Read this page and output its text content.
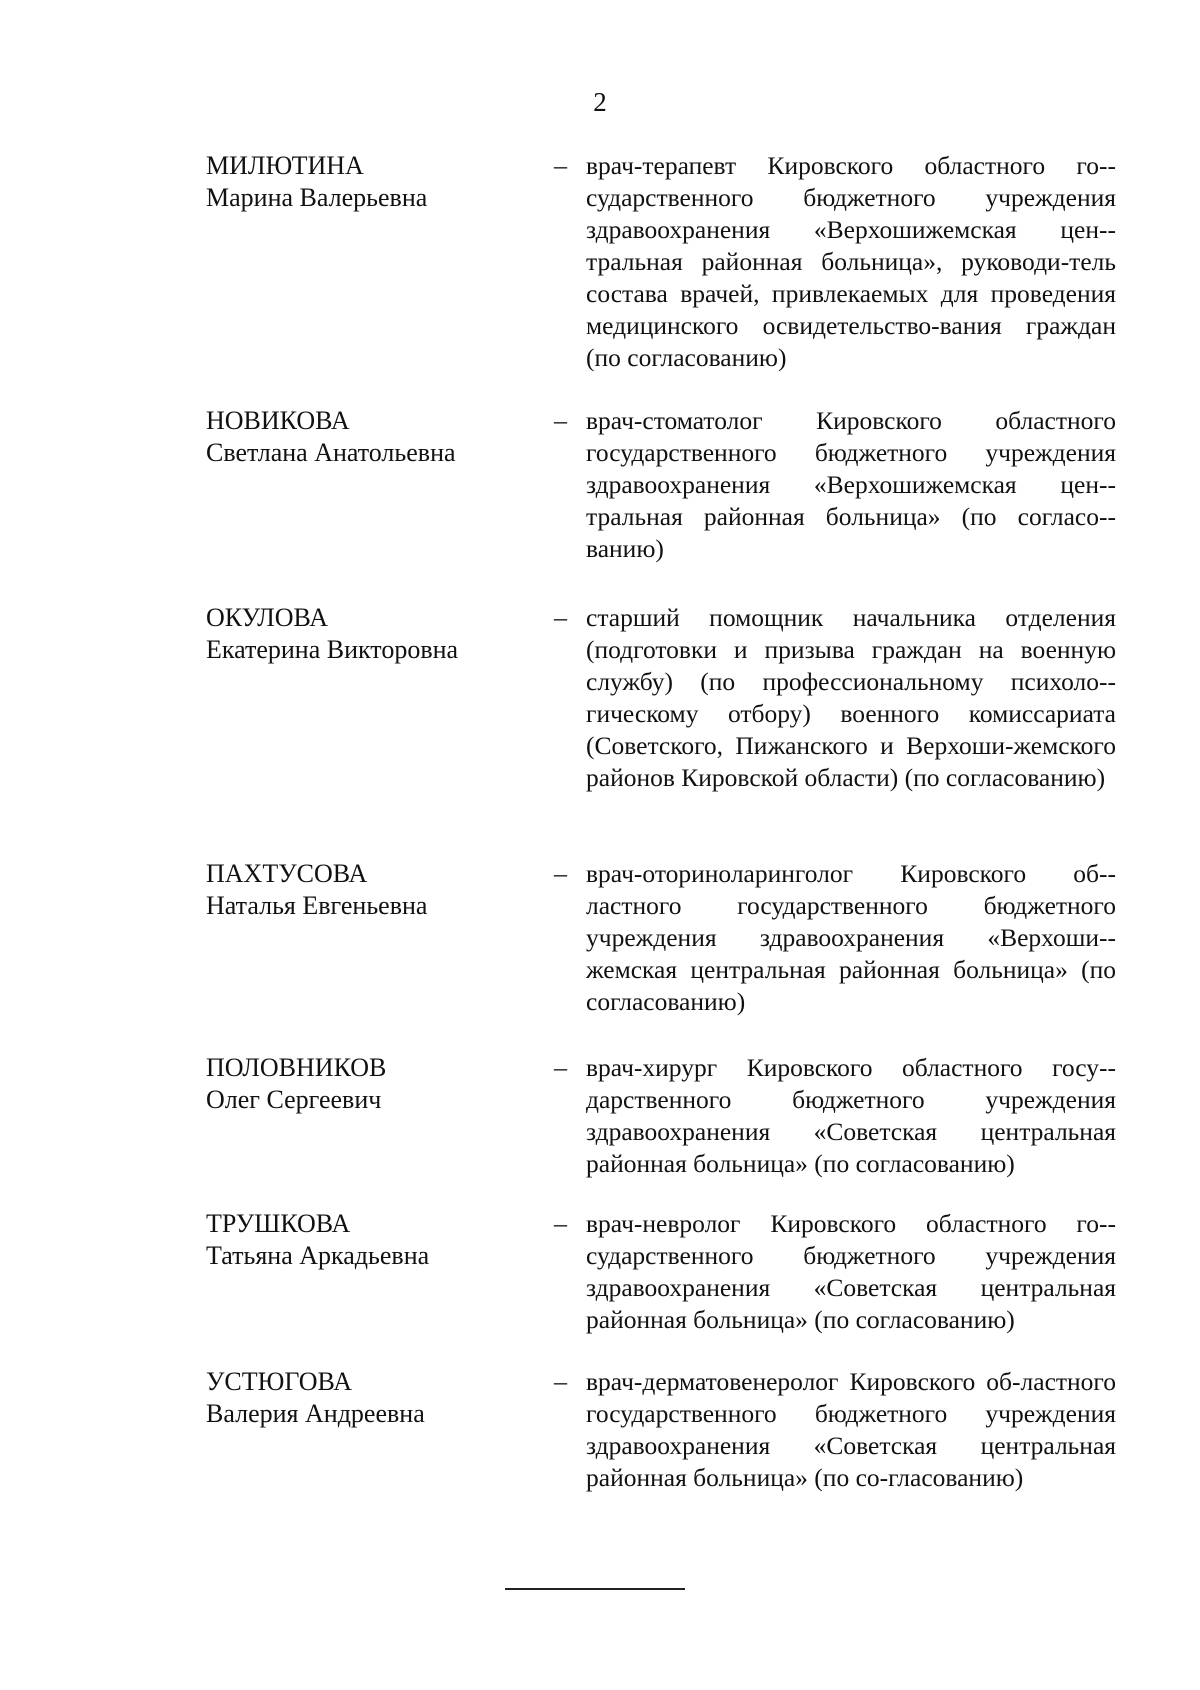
2
МИЛЮТИНА
Марина Валерьевна
– врач-терапевт Кировского областного го-сударственного бюджетного учреждения здравоохранения «Верхошижемская цен-тральная районная больница», руководи-тель состава врачей, привлекаемых для проведения медицинского освидетельство-вания граждан (по согласованию)
НОВИКОВА
Светлана Анатольевна
– врач-стоматолог Кировского областного государственного бюджетного учреждения здравоохранения «Верхошижемская цен-тральная районная больница» (по согласо-ванию)
ОКУЛОВА
Екатерина Викторовна
– старший помощник начальника отделения (подготовки и призыва граждан на военную службу) (по профессиональному психоло-гическому отбору) военного комиссариата (Советского, Пижанского и Верхоши-жемского районов Кировской области) (по согласованию)
ПАХТУСОВА
Наталья Евгеньевна
– врач-оториноларинголог Кировского об-ластного государственного бюджетного учреждения здравоохранения «Верхоши-жемская центральная районная больница» (по согласованию)
ПОЛОВНИКОВ
Олег Сергеевич
– врач-хирург Кировского областного госу-дарственного бюджетного учреждения здравоохранения «Советская центральная районная больница» (по согласованию)
ТРУШКОВА
Татьяна Аркадьевна
– врач-невролог Кировского областного го-сударственного бюджетного учреждения здравоохранения «Советская центральная районная больница» (по согласованию)
УСТЮГОВА
Валерия Андреевна
– врач-дерматовенеролог Кировского об-ластного государственного бюджетного учреждения здравоохранения «Советская центральная районная больница» (по со-гласованию)
